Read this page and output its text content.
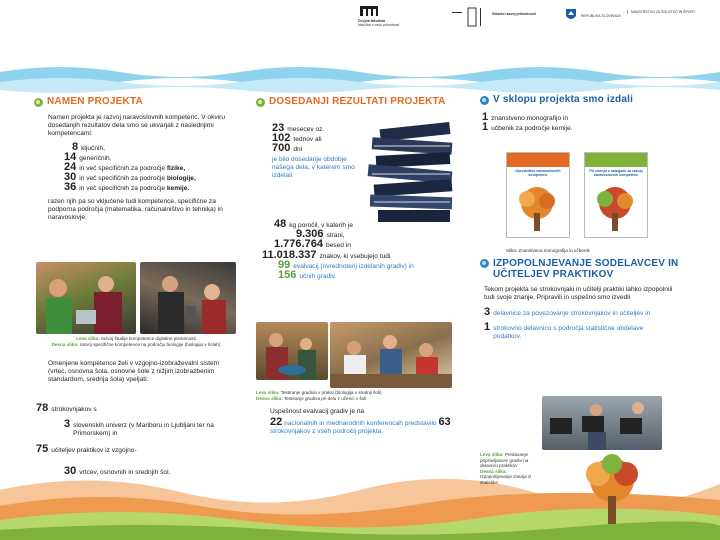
Dvojna fakulteta
Naložba v vašo prihodnost
Skladni razvoj prihodnosti	REPUBLIKA SLOVENIJA
MINISTRSTVO ZA ŠOLSTVO IN ŠPORT
NAMEN PROJEKTA
Namen projekta je razvoj naravoslovnih kompetenc. V okviru dosedanjih rezultatov dela smo se ukvarjali z naslednjimi kompetencami:
8 ključnih,
14 generičnih,
24 in več specifičnih za področje fizike,
30 in več specifičnih za področje biologije,
36 in več specifičnih za področje kemije.
razen njih pa so vključene tudi kompetence, specifične za podporna področja (matematika, računalništvo in tehnika) in naravoslovje.
Leva slika: razvoj študije kompetence digitalne pismenosti
Desna slika: razvoj specifične kompetence na področju biologije (biologija v šolah)
Omenjene kompetence želi v vzgojno-izobraževalni sistem (vrtec, osnovna šola, osnovne šole z nižjim izobrazbenim standardom, srednja šola) vpeljati:
78 strokovnjakov s
3 slovenskih univerz (v Mariboru in Ljubljani ter na Primorskem) in
75 učiteljev praktikov iz vzgojno-
30 vrtcev, osnovnih in srednjih šol.
DOSEDANJI REZULTATI PROJEKTA
23 mesecev oz.
102 tednov ali
700 dni
je bilo dosedanje obdobje našega dela, v katerem smo izdelali:
48 kg poročil, v katerih je
9.306 strani,
1.776.764 besed in
11.018.337 znakov, ki vsebujejo tudi
99 evalvacij (ovrednotenj izdelanih gradiv) in
156 učnih gradiv.
Leva slika: Testiranje gradiva v praksi (biologija v srednji šoli)
Desna slika: Testiranje gradiva pri delu z učenci v šoli
Uspešnost evalvacij gradiv je na
22 nacionalnih in mednarodnih konferencah predstavilo 63 strokovnjakov z vseh področij projekta.
V sklopu projekta smo izdali
1 znanstveno monografijo in
1 učbenik za področje kemije.
Opredelitev naravoslovnih kompetenc
Pri učenju z nalogami za razvoj naravoslovnih kompetenc
Slika: Znanstvena monografija in učbenik
IZPOPOLNJEVANJE SODELAVCEV IN UČITELJEV PRAKTIKOV
Tekom projekta se strokovnjaki in učitelji praktiki lahko izpopolnili tudi svoje znanje. Pripravili in uspešno smo izvedli
3 delavnice za povezovanje strokovnjakov in učiteljev in
1 strokovno delavnico s področja statistične obdelave podatkov.
Leva slika: Predavanje pripravljavcev gradiv na delavnici praktikov
Desna slika: Izpopolnjevanje znanja iz statistike
